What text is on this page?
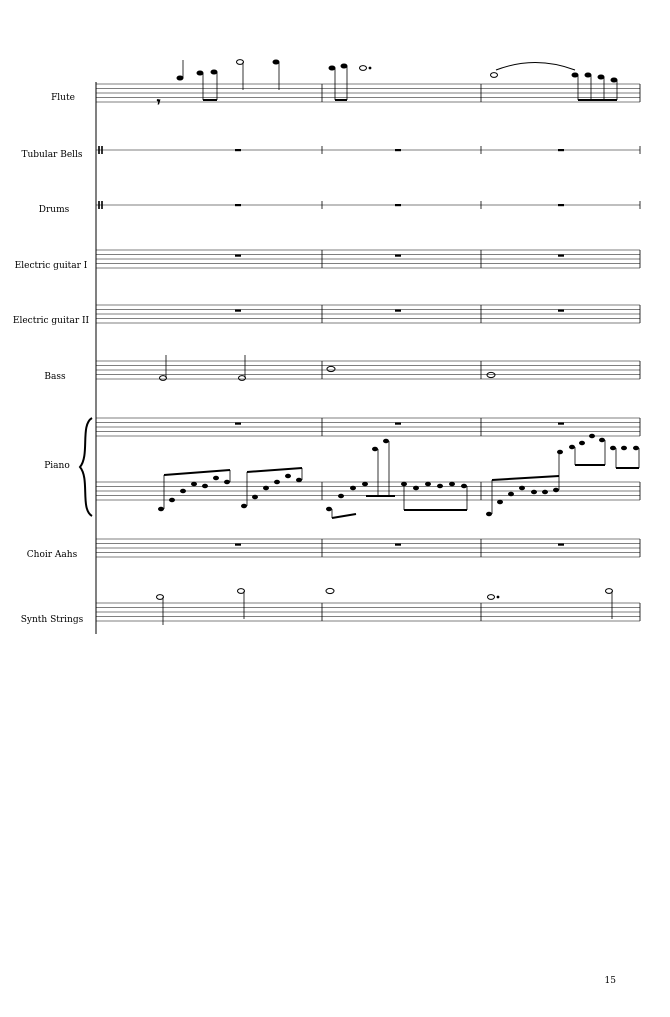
Flute
Tubular Bells
Drums
Electric guitar I
Electric guitar II
Bass
Piano
Choir Aahs
Synth Strings
𝄾
15
